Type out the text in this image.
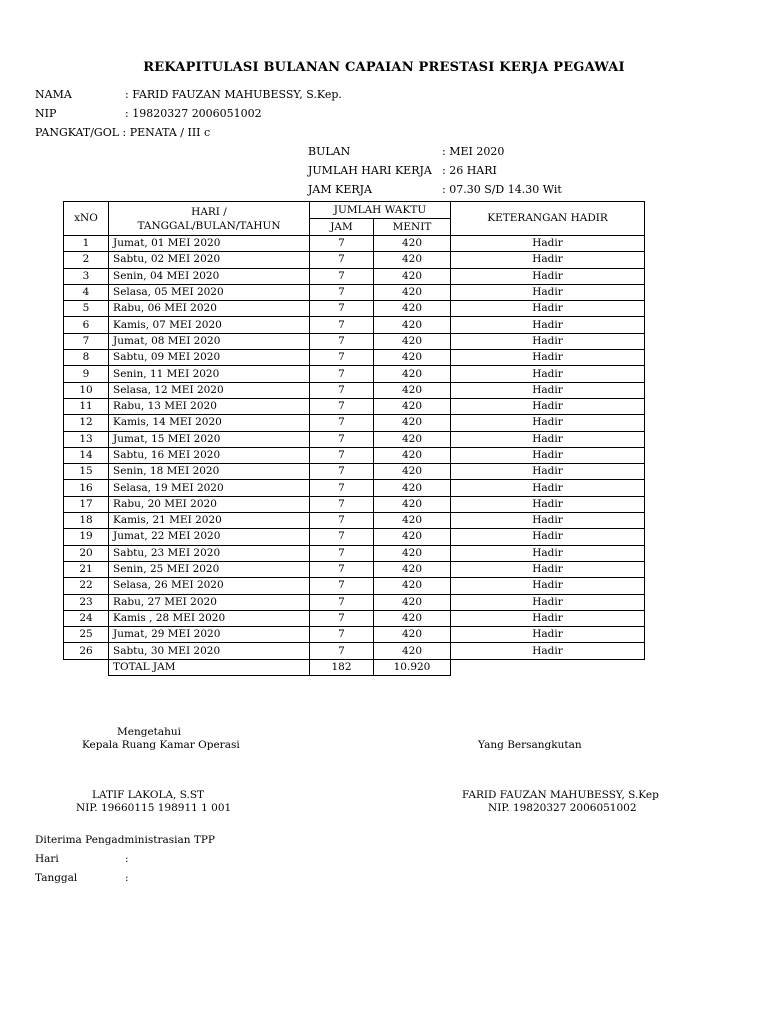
REKAPITULASI BULANAN CAPAIAN PRESTASI KERJA PEGAWAI
NAMA	: FARID FAUZAN MAHUBESSY, S.Kep.
NIP	: 19820327 2006051002
PANGKAT/GOL : PENATA / III c
BULAN	: MEI 2020
JUMLAH HARI KERJA : 26 HARI
JAM KERJA	: 07.30 S/D 14.30 Wit
xNO	HARI /
TANGGAL/BULAN/TAHUN	JUMLAH WAKTU		KETERANGAN HADIR
		JAM	MENIT	
1	Jumat, 01 MEI 2020	7	420	Hadir
2	Sabtu, 02 MEI 2020	7	420	Hadir
3	Senin, 04 MEI 2020	7	420	Hadir
4	Selasa, 05 MEI 2020	7	420	Hadir
5	Rabu, 06 MEI 2020	7	420	Hadir
6	Kamis, 07 MEI 2020	7	420	Hadir
7	Jumat, 08 MEI 2020	7	420	Hadir
8	Sabtu, 09 MEI 2020	7	420	Hadir
9	Senin, 11 MEI 2020	7	420	Hadir
10	Selasa, 12 MEI 2020	7	420	Hadir
11	Rabu, 13 MEI 2020	7	420	Hadir
12	Kamis, 14 MEI 2020	7	420	Hadir
13	Jumat, 15 MEI 2020	7	420	Hadir
14	Sabtu, 16 MEI 2020	7	420	Hadir
15	Senin, 18 MEI 2020	7	420	Hadir
16	Selasa, 19 MEI 2020	7	420	Hadir
17	Rabu, 20 MEI 2020	7	420	Hadir
18	Kamis, 21 MEI 2020	7	420	Hadir
19	Jumat, 22 MEI 2020	7	420	Hadir
20	Sabtu, 23 MEI 2020	7	420	Hadir
21	Senin, 25 MEI 2020	7	420	Hadir
22	Selasa, 26 MEI 2020	7	420	Hadir
23	Rabu, 27 MEI 2020	7	420	Hadir
24	Kamis , 28 MEI 2020	7	420	Hadir
25	Jumat, 29 MEI 2020	7	420	Hadir
26	Sabtu, 30 MEI 2020	7	420	Hadir
	TOTAL JAM	182	10.920	
Mengetahui
Kepala Ruang Kamar Operasi	Yang Bersangkutan
LATIF LAKOLA, S.ST
NIP. 19660115 198911 1 001
FARID FAUZAN MAHUBESSY, S.Kep
NIP. 19820327 2006051002
Diterima Pengadministrasian TPP
Hari	:
Tanggal	:
